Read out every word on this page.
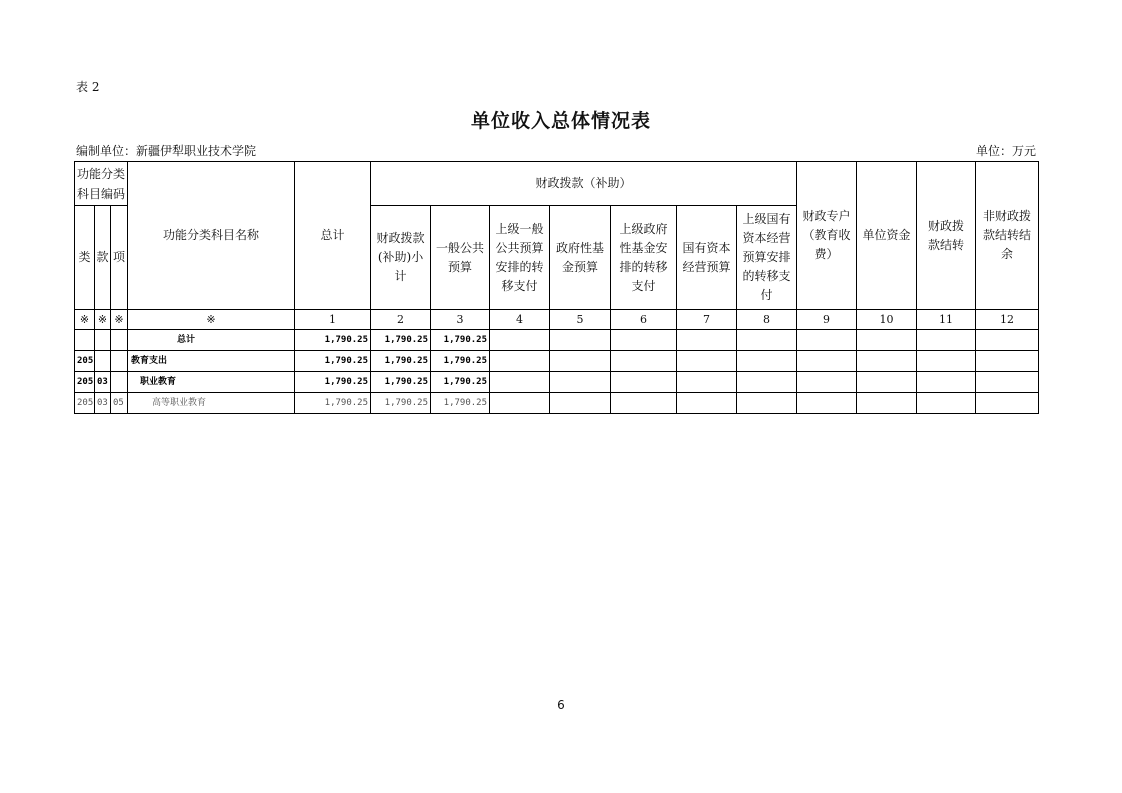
表 2
单位收入总体情况表
编制单位：新疆伊犁职业技术学院	单位：万元
功能分类科目编码			功能分类科目名称	总计	财政拨款（补助）							财政专户（教育收费）	单位资金	财政拨款结转	非财政拨款结转结余
类	款	项			财政拨款(补助)小计	一般公共预算	上级一般公共预算安排的转移支付	政府性基金预算	上级政府性基金安排的转移支付	国有资本经营预算	上级国有资本经营预算安排的转移支付				
※	※	※	※	1	2	3	4	5	6	7	8	9	10	11	12
			总计	1,790.25	1,790.25	1,790.25									
205			教育支出	1,790.25	1,790.25	1,790.25									
205	03		职业教育	1,790.25	1,790.25	1,790.25									
205	03	05	高等职业教育	1,790.25	1,790.25	1,790.25									
6
